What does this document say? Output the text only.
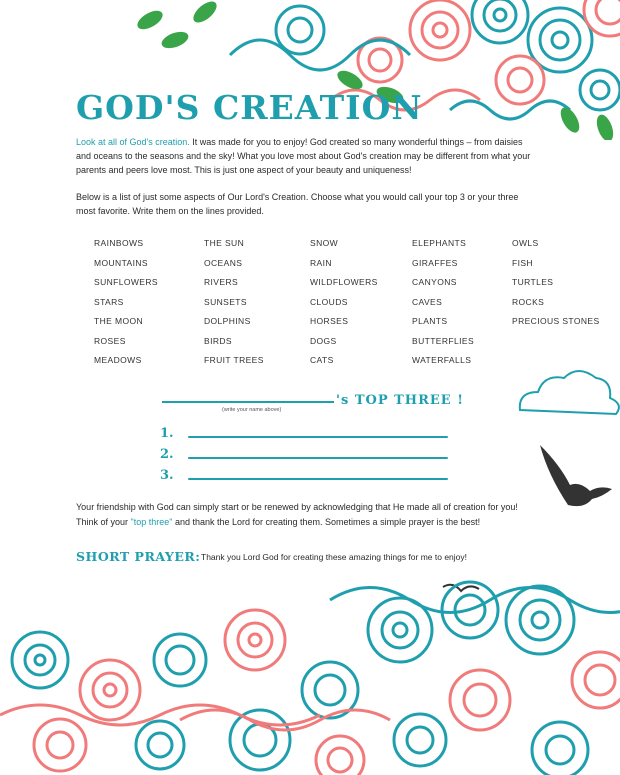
GOD'S CREATION

Look at all of God's creation. It was made for you to enjoy! God created so many wonderful things – from daisies and oceans to the seasons and the sky! What you love most about God's creation may be different from what your parents and peers love most. This is just one aspect of your beauty and uniqueness!

Below is a list of just some aspects of Our Lord's Creation. Choose what you would call your top 3 or your three most favorite. Write them on the lines provided.

RAINBOWS
MOUNTAINS
SUNFLOWERS
STARS
THE MOON
ROSES
MEADOWS
THE SUN
OCEANS
RIVERS
SUNSETS
DOLPHINS
BIRDS
FRUIT TREES
SNOW
RAIN
WILDFLOWERS
CLOUDS
HORSES
DOGS
CATS
ELEPHANTS
GIRAFFES
CANYONS
CAVES
PLANTS
BUTTERFLIES
WATERFALLS
OWLS
FISH
TURTLES
ROCKS
PRECIOUS STONES
's TOP THREE !
(write your name above)
1.
2.
3.

Your friendship with God can simply start or be renewed by acknowledging that He made all of creation for you! Think of your "top three" and thank the Lord for creating them. Sometimes a simple prayer is the best!

SHORT PRAYER: Thank you Lord God for creating these amazing things for me to enjoy!
